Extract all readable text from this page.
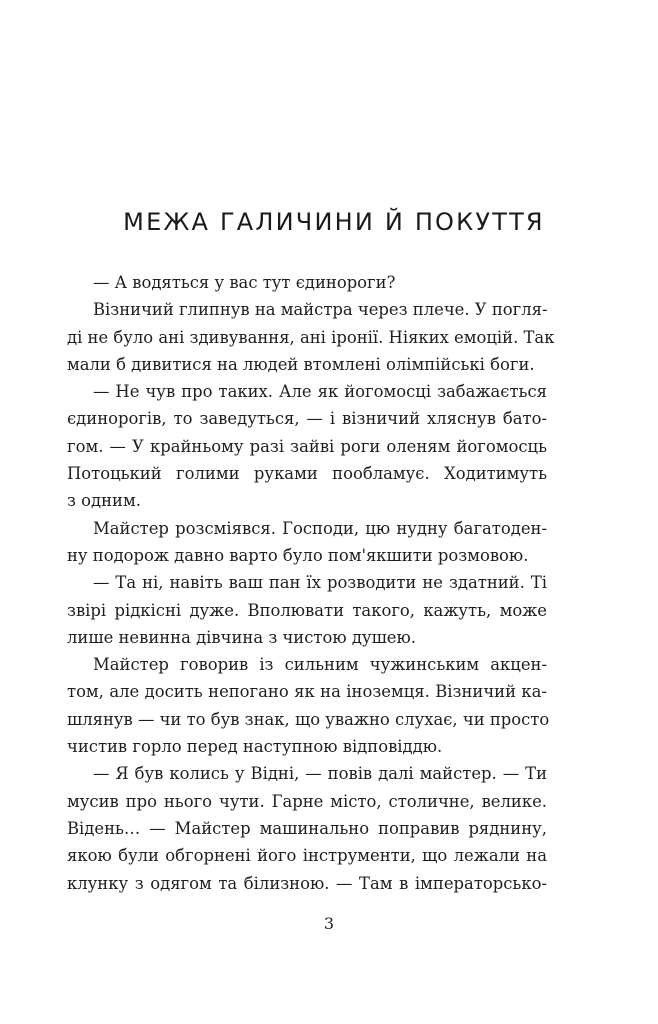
МЕЖА ГАЛИЧИНИ Й ПОКУТТЯ
— А водяться у вас тут єдинороги?
Візничий глипнув на майстра через плече. У погля-
ді не було ані здивування, ані іронії. Ніяких емоцій. Так
мали б дивитися на людей втомлені олімпійські боги.
— Не чув про таких. Але як йогомосці забажається
єдинорогів, то заведуться, — і візничий хляснув бато-
гом. — У крайньому разі зайві роги оленям йогомосць
Потоцький голими руками пообламує. Ходитимуть
з одним.
Майстер розсміявся. Господи, цю нудну багатоден-
ну подорож давно варто було пом'якшити розмовою.
— Та ні, навіть ваш пан їх розводити не здатний. Ті
звірі рідкісні дуже. Вполювати такого, кажуть, може
лише невинна дівчина з чистою душею.
Майстер говорив із сильним чужинським акцен-
том, але досить непогано як на іноземця. Візничий ка-
шлянув — чи то був знак, що уважно слухає, чи просто
чистив горло перед наступною відповіддю.
— Я був колись у Відні, — повів далі майстер. — Ти
мусив про нього чути. Гарне місто, столичне, велике.
Відень… — Майстер машинально поправив ряднину,
якою були обгорнені його інструменти, що лежали на
клунку з одягом та білизною. — Там в імператорсько-
3
